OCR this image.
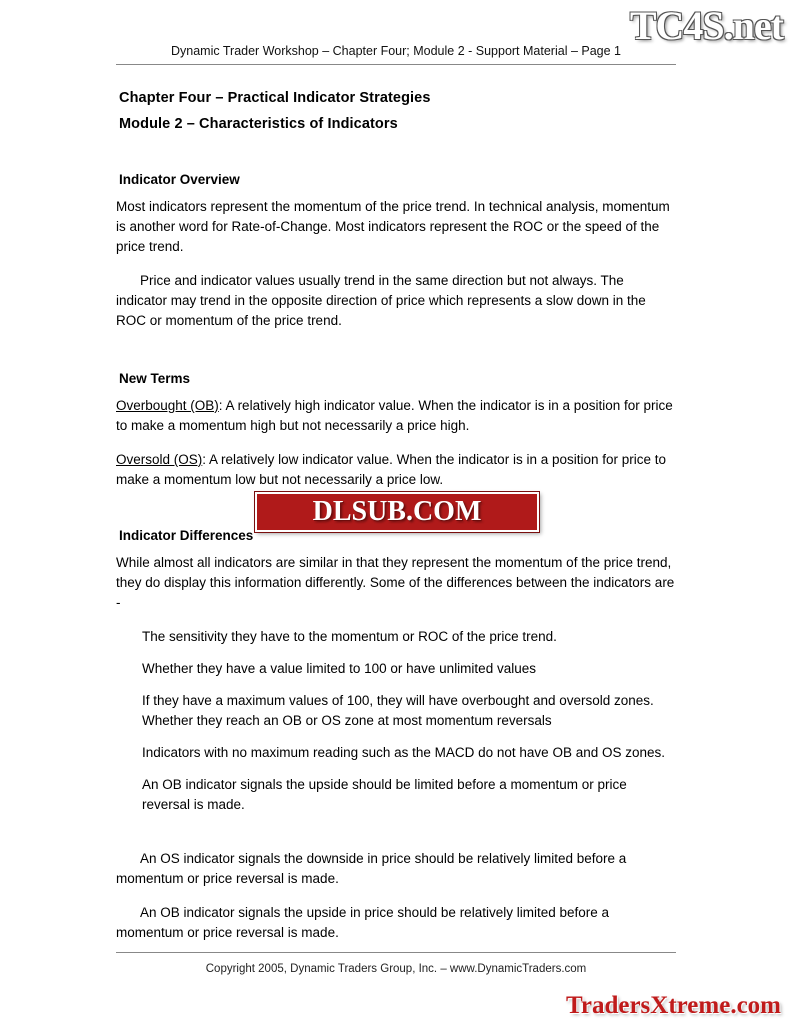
TC4S.net
Dynamic Trader Workshop – Chapter Four; Module 2 - Support Material – Page 1
Chapter Four – Practical Indicator Strategies
Module 2 – Characteristics of Indicators
Indicator Overview

Most indicators represent the momentum of the price trend. In technical analysis, momentum is another word for Rate-of-Change. Most indicators represent the ROC or the speed of the price trend.

Price and indicator values usually trend in the same direction but not always. The indicator may trend in the opposite direction of price which represents a slow down in the ROC or momentum of the price trend.

New Terms
Overbought (OB): A relatively high indicator value. When the indicator is in a position for price to make a momentum high but not necessarily a price high.
Oversold (OS): A relatively low indicator value. When the indicator is in a position for price to make a momentum low but not necessarily a price low.
Indicator Differences

While almost all indicators are similar in that they represent the momentum of the price trend, they do display this information differently. Some of the differences between the indicators are -

The sensitivity they have to the momentum or ROC of the price trend.
Whether they have a value limited to 100 or have unlimited values
If they have a maximum values of 100, they will have overbought and oversold zones. Whether they reach an OB or OS zone at most momentum reversals
Indicators with no maximum reading such as the MACD do not have OB and OS zones.
An OB indicator signals the upside should be limited before a momentum or price reversal is made.
An OS indicator signals the downside in price should be relatively limited before a momentum or price reversal is made.
An OB indicator signals the upside in price should be relatively limited before a momentum or price reversal is made.
DLSUB.COM
Copyright 2005, Dynamic Traders Group, Inc. – www.DynamicTraders.com
TradersXtreme.com
